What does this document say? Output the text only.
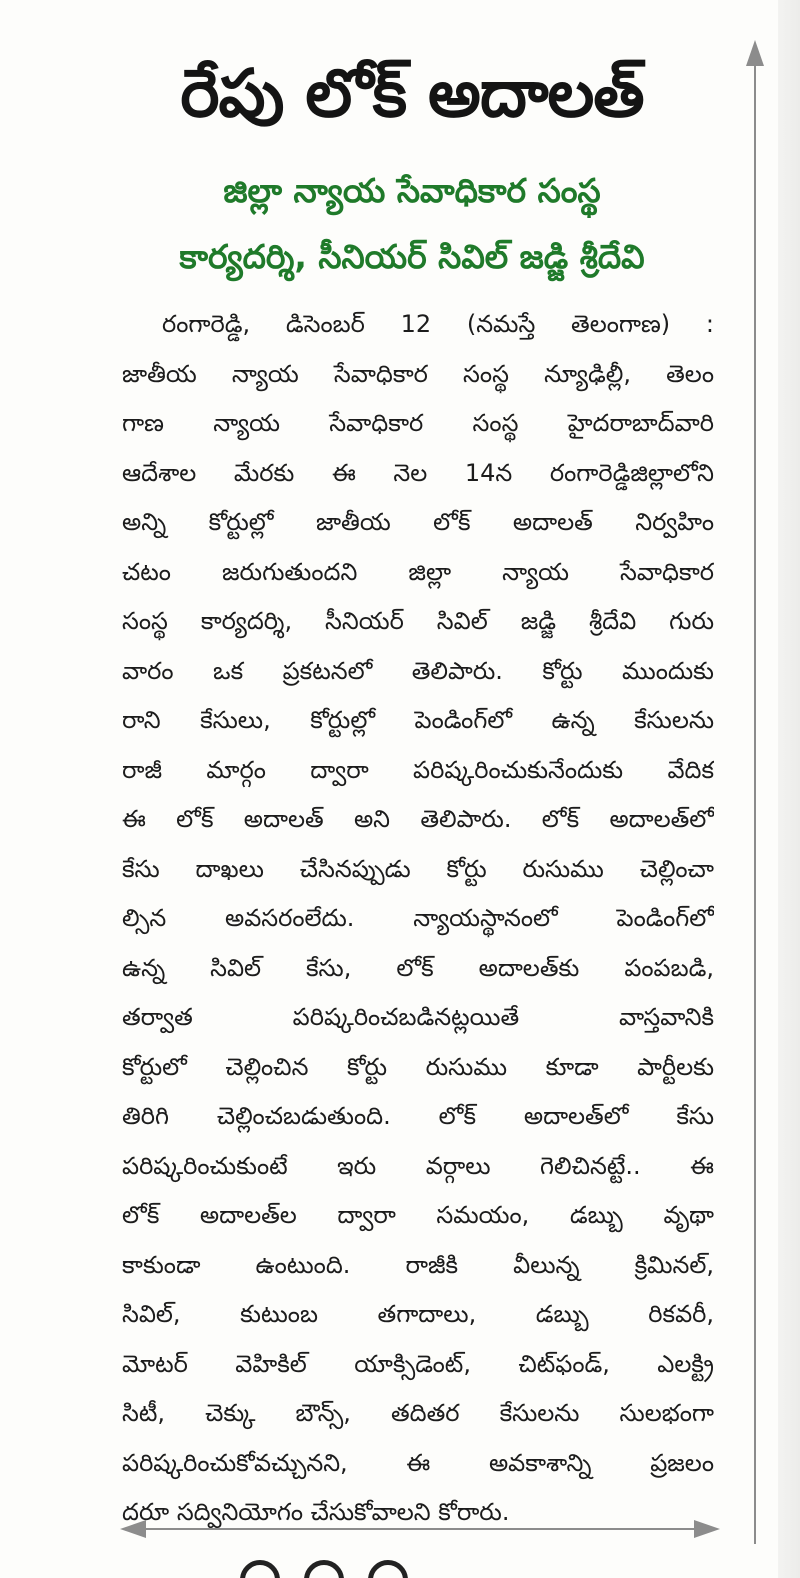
రేపు లోక్ అదాలత్
జిల్లా న్యాయ సేవాధికార సంస్థ
కార్యదర్శి, సీనియర్ సివిల్ జడ్జి శ్రీదేవి
రంగారెడ్డి, డిసెంబర్ 12 (నమస్తే తెలంగాణ) :
జాతీయ న్యాయ సేవాధికార సంస్థ న్యూఢిల్లీ, తెలం
గాణ న్యాయ సేవాధికార సంస్థ హైదరాబాద్‌వారి
ఆదేశాల మేరకు ఈ నెల 14న రంగారెడ్డిజిల్లాలోని
అన్ని కోర్టుల్లో జాతీయ లోక్ అదాలత్ నిర్వహిం
చటం జరుగుతుందని జిల్లా న్యాయ సేవాధికార
సంస్థ కార్యదర్శి, సీనియర్ సివిల్ జడ్జి శ్రీదేవి గురు
వారం ఒక ప్రకటనలో తెలిపారు. కోర్టు ముందుకు
రాని కేసులు, కోర్టుల్లో పెండింగ్‌లో ఉన్న కేసులను
రాజీ మార్గం ద్వారా పరిష్కరించుకునేందుకు వేదిక
ఈ లోక్ అదాలత్ అని తెలిపారు. లోక్ అదాలత్‌లో
కేసు దాఖలు చేసినప్పుడు కోర్టు రుసుము చెల్లించా
ల్సిన అవసరంలేదు. న్యాయస్థానంలో పెండింగ్‌లో
ఉన్న సివిల్ కేసు, లోక్ అదాలత్‌కు పంపబడి,
తర్వాత పరిష్కరించబడినట్లయితే వాస్తవానికి
కోర్టులో చెల్లించిన కోర్టు రుసుము కూడా పార్టీలకు
తిరిగి చెల్లించబడుతుంది. లోక్ అదాలత్‌లో కేసు
పరిష్కరించుకుంటే ఇరు వర్గాలు గెలిచినట్టే.. ఈ
లోక్ అదాలత్‌ల ద్వారా సమయం, డబ్బు వృథా
కాకుండా ఉంటుంది. రాజీకి వీలున్న క్రిమినల్,
సివిల్, కుటుంబ తగాదాలు, డబ్బు రికవరీ,
మోటర్ వెహికిల్ యాక్సిడెంట్, చిట్‌ఫండ్, ఎలక్ట్రి
సిటీ, చెక్కు బౌన్స్, తదితర కేసులను సులభంగా
పరిష్కరించుకోవచ్చునని, ఈ అవకాశాన్ని ప్రజలం
దరూ సద్వినియోగం చేసుకోవాలని కోరారు.
